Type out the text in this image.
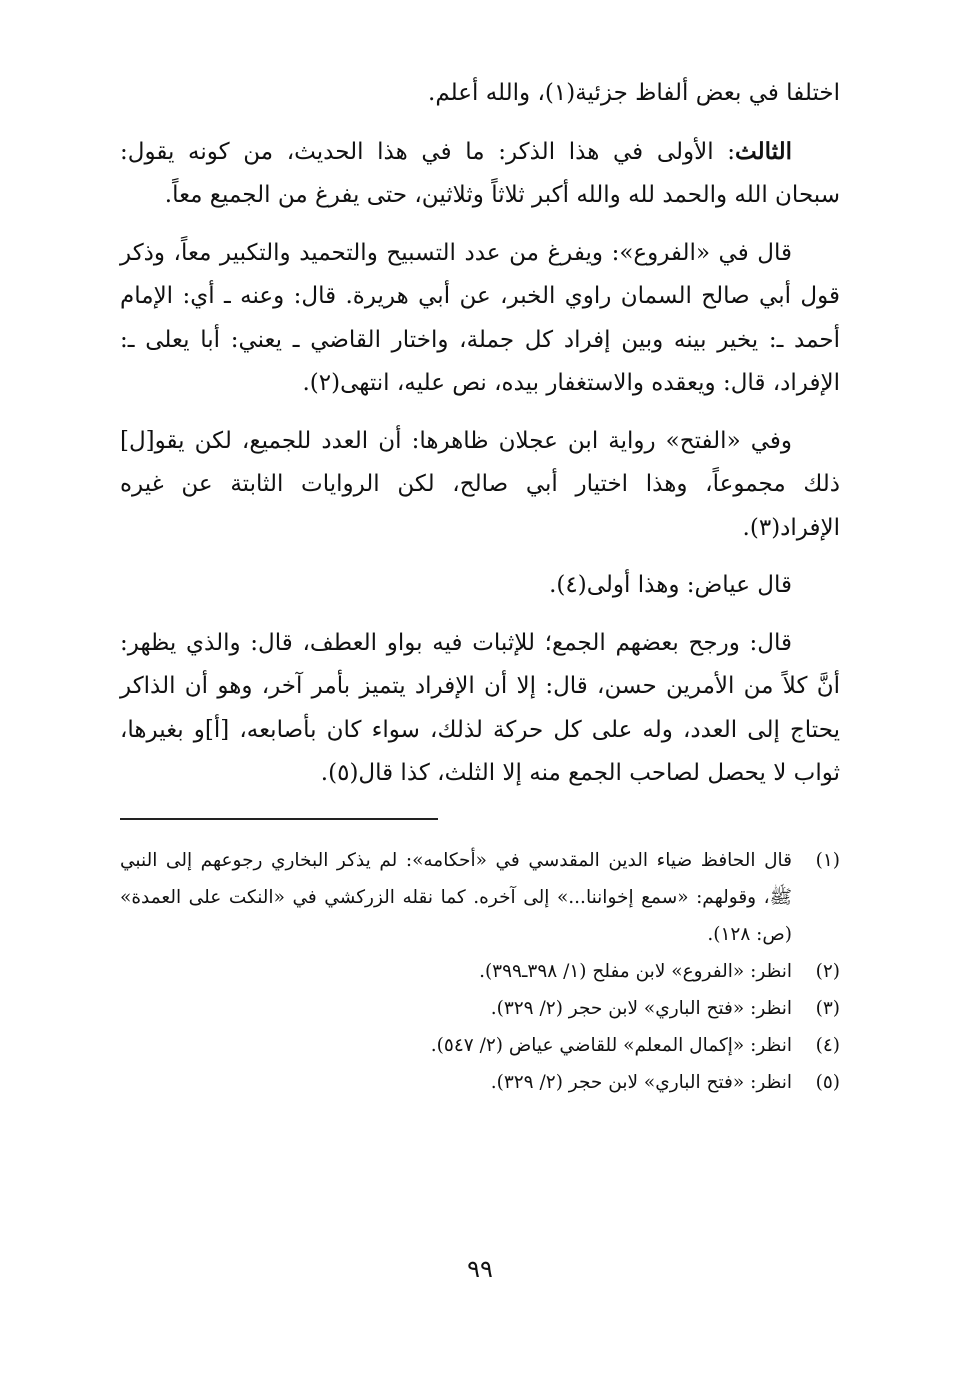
اختلفا في بعض ألفاظ جزئية(١)، والله أعلم.

الثالث: الأولى في هذا الذكر: ما في هذا الحديث، من كونه يقول: سبحان الله والحمد لله والله أكبر ثلاثاً وثلاثين، حتى يفرغ من الجميع معاً.

قال في «الفروع»: ويفرغ من عدد التسبيح والتحميد والتكبير معاً، وذكر قول أبي صالح السمان راوي الخبر، عن أبي هريرة. قال: وعنه ـ أي: الإمام أحمد ـ: يخير بينه وبين إفراد كل جملة، واختار القاضي ـ يعني: أبا يعلى ـ: الإفراد، قال: ويعقده والاستغفار بيده، نص عليه، انتهى(٢).

وفي «الفتح» رواية ابن عجلان ظاهرها: أن العدد للجميع، لكن يقو[ل] ذلك مجموعاً، وهذا اختيار أبي صالح، لكن الروايات الثابتة عن غيره الإفراد(٣).

قال عياض: وهذا أولى(٤).

قال: ورجح بعضهم الجمع؛ للإثبات فيه بواو العطف، قال: والذي يظهر: أنَّ كلاً من الأمرين حسن، قال: إلا أن الإفراد يتميز بأمر آخر، وهو أن الذاكر يحتاج إلى العدد، وله على كل حركة لذلك، سواء كان بأصابعه، [أ]و بغيرها، ثواب لا يحصل لصاحب الجمع منه إلا الثلث، كذا قال(٥).

(١)
قال الحافظ ضياء الدين المقدسي في «أحكامه»: لم يذكر البخاري رجوعهم إلى النبي ﷺ، وقولهم: «سمع إخواننا...» إلى آخره. كما نقله الزركشي في «النكت على العمدة» (ص: ١٢٨).
(٢)
انظر: «الفروع» لابن مفلح (١/ ٣٩٨ـ٣٩٩).
(٣)
انظر: «فتح الباري» لابن حجر (٢/ ٣٢٩).
(٤)
انظر: «إكمال المعلم» للقاضي عياض (٢/ ٥٤٧).
(٥)
انظر: «فتح الباري» لابن حجر (٢/ ٣٢٩).
٩٩
